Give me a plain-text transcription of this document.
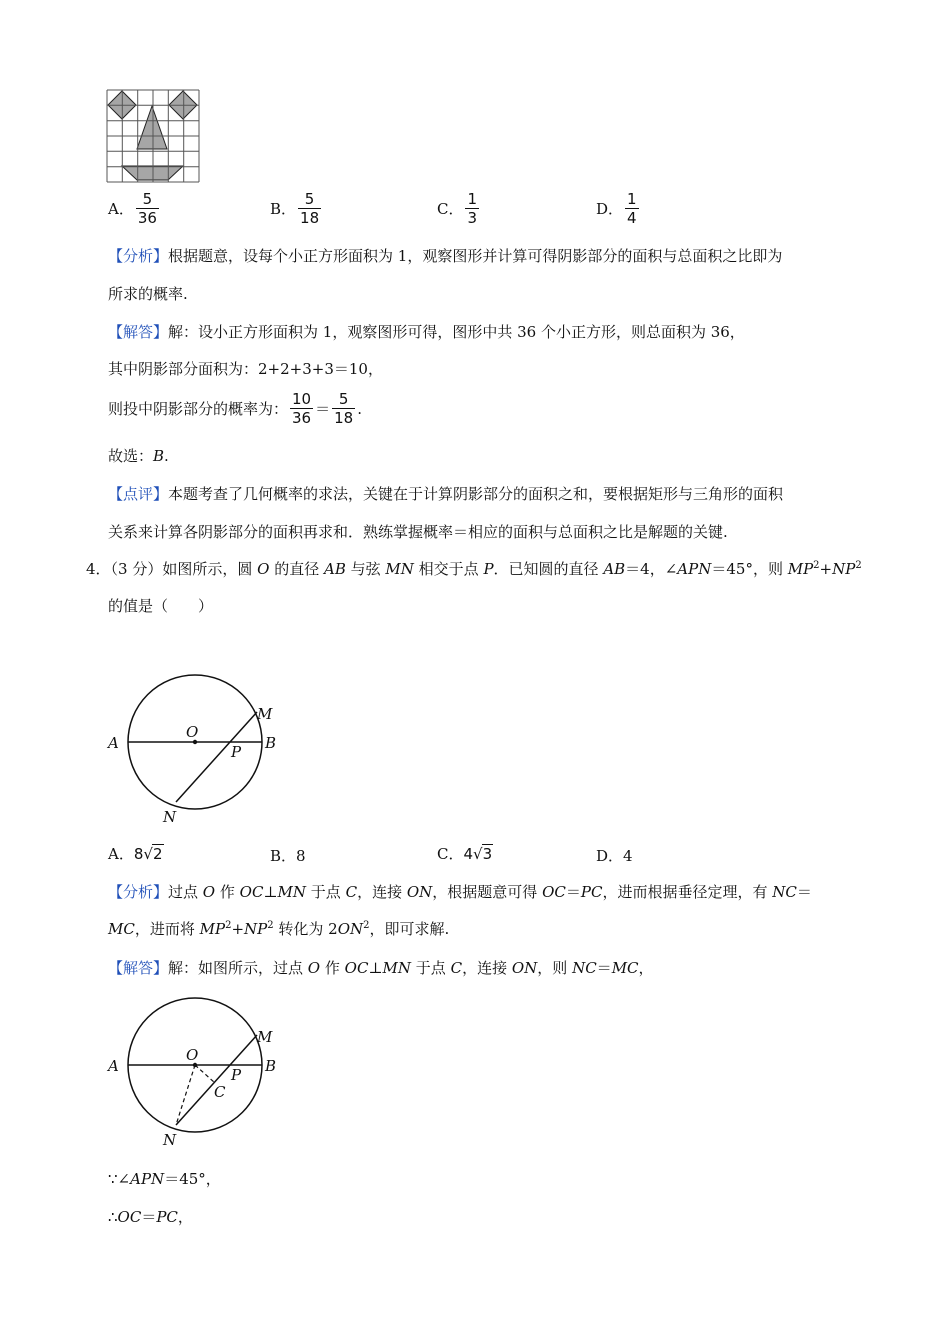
A． $\frac{5}{36}$	B． $\frac{5}{18}$	C． $\frac{1}{3}$	D． $\frac{1}{4}$
【分析】根据题意，设每个小正方形面积为 1，观察图形并计算可得阴影部分的面积与总面积之比即为
所求的概率.
【解答】解：设小正方形面积为 1，观察图形可得，图形中共 36 个小正方形，则总面积为 36，
其中阴影部分面积为：2+2+3+3＝10，
则投中阴影部分的概率为： $\frac{10}{36} = \frac{5}{18}$ .
故选：B.
【点评】本题考查了几何概率的求法，关键在于计算阴影部分的面积之和，要根据矩形与三角形的面积
关系来计算各阴影部分的面积再求和．熟练掌握概率＝相应的面积与总面积之比是解题的关键.
4．（3 分）如图所示，圆 O 的直径 AB 与弦 MN 相交于点 P．已知圆的直径 AB＝4，∠APN＝45°，则 $MP^2+NP^2$
的值是（　　）
A
O
P B
M
N
A． 8 √ 2	B．8	C． 4 √ 3	D．4
【分析】过点 O 作 OC⊥MN 于点 C，连接 ON，根据题意可得 OC＝PC，进而根据垂径定理，有 NC＝
MC，进而将 $MP^2+NP^2$ 转化为 $2ON^2$，即可求解.
【解答】解：如图所示，过点 O 作 OC⊥MN 于点 C，连接 ON，则 NC＝MC，
A
O
P
C
B
M
N
∵∠APN＝45°，
∴OC＝PC，
